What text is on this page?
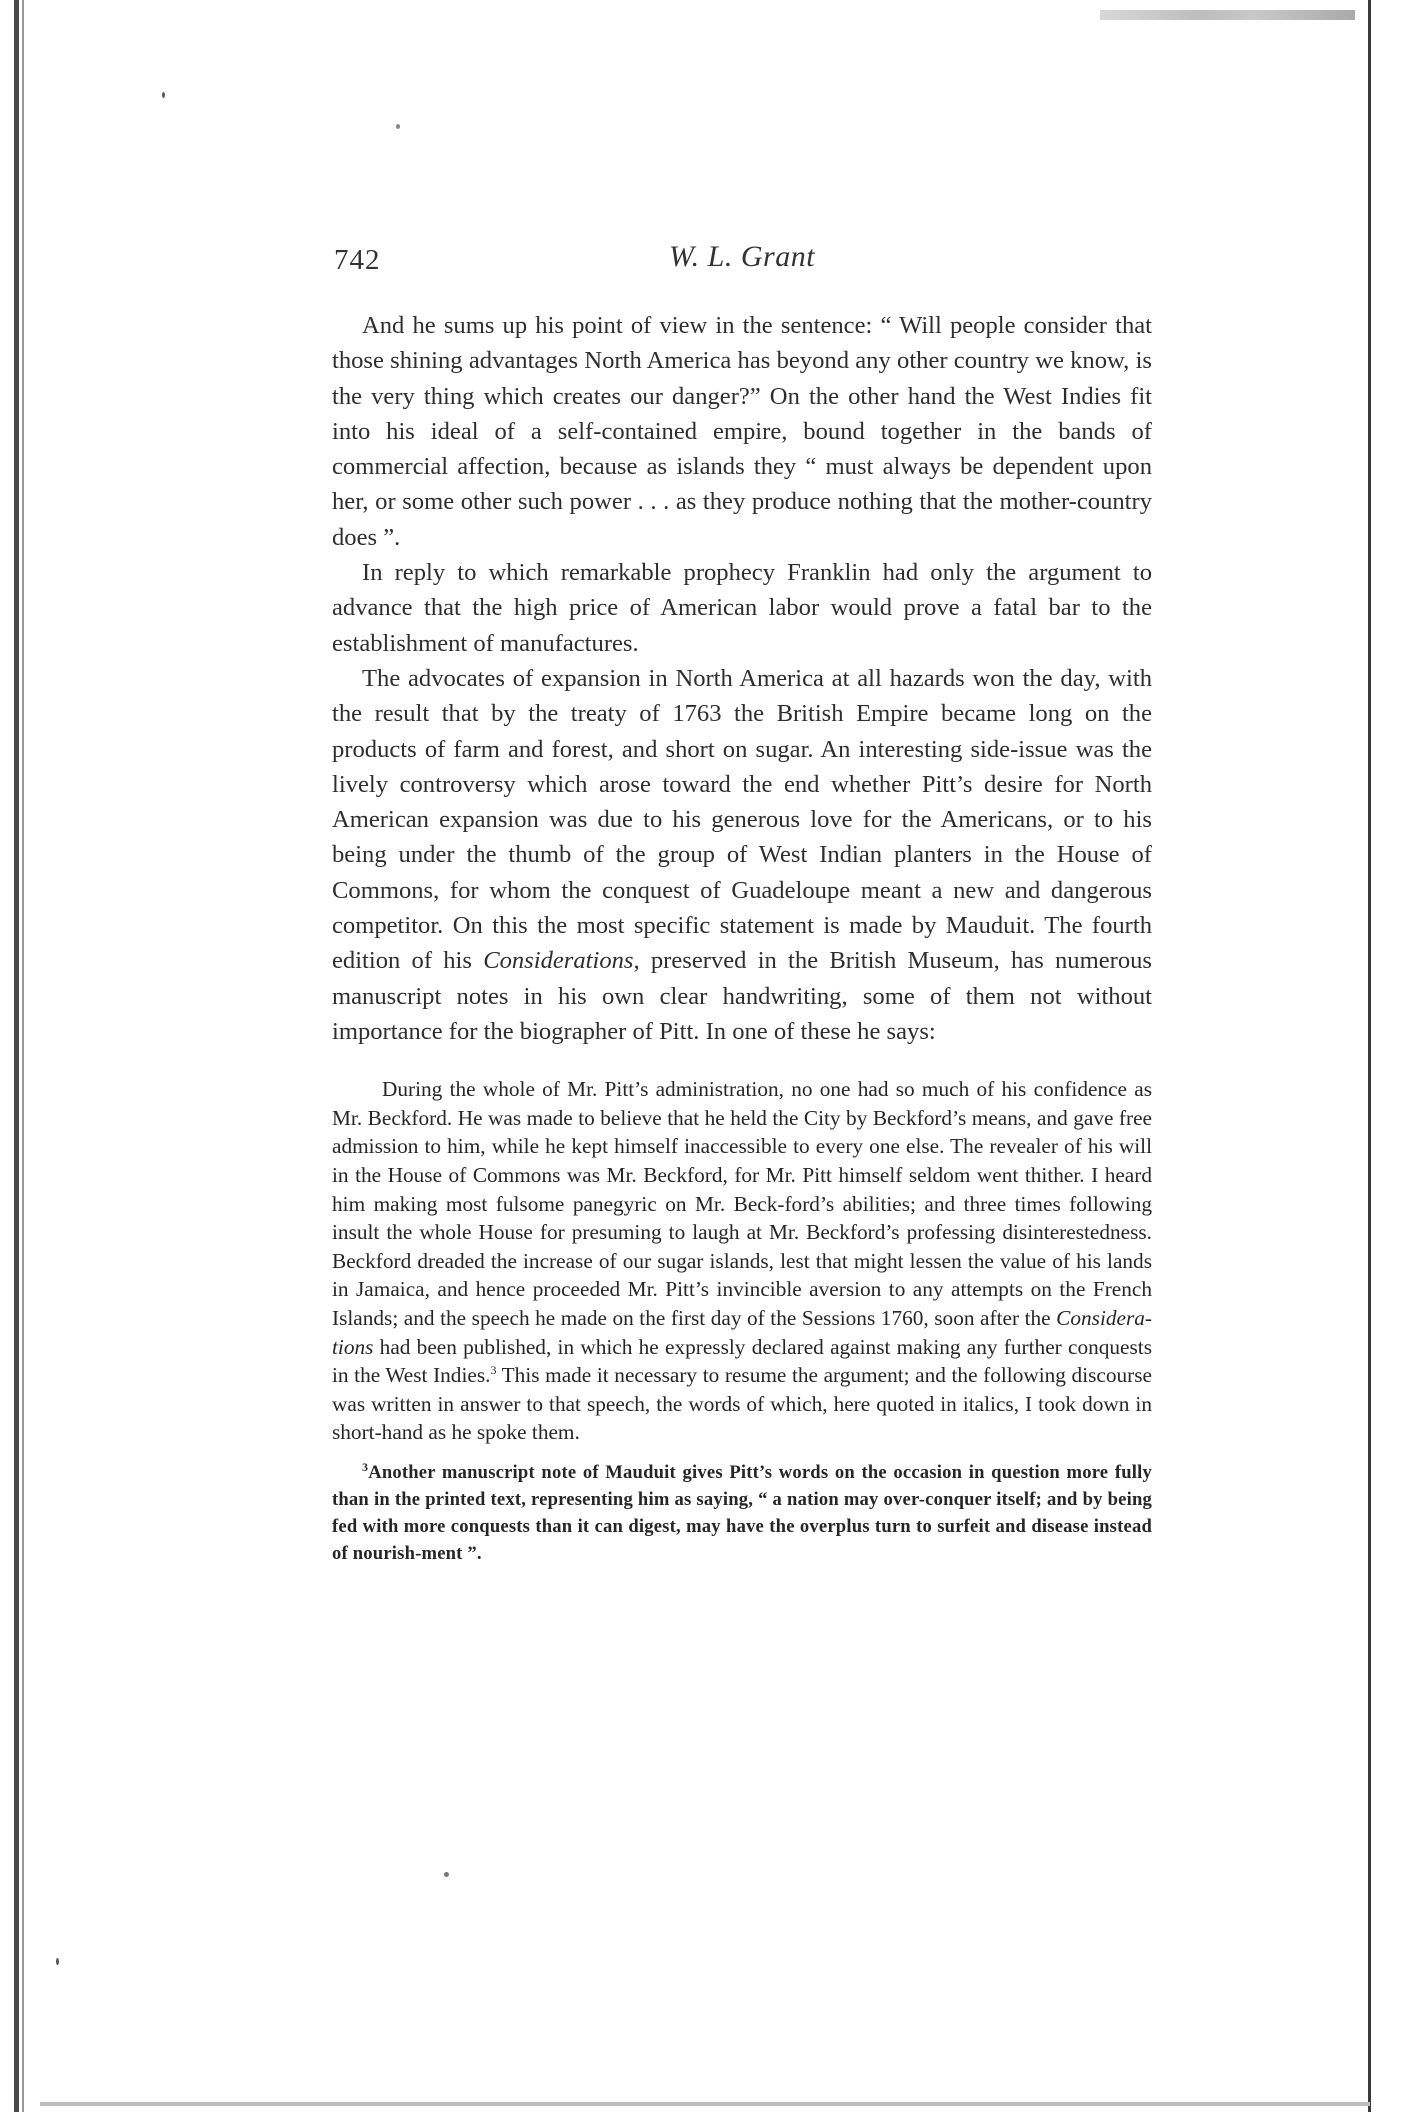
742	W. L. Grant

And he sums up his point of view in the sentence: “ Will people consider that those shining advantages North America has beyond any other country we know, is the very thing which creates our danger?” On the other hand the West Indies fit into his ideal of a self-contained empire, bound together in the bands of commercial affection, because as islands they “ must always be dependent upon her, or some other such power . . . as they produce nothing that the mother-country does ”.

In reply to which remarkable prophecy Franklin had only the argument to advance that the high price of American labor would prove a fatal bar to the establishment of manufactures.

The advocates of expansion in North America at all hazards won the day, with the result that by the treaty of 1763 the British Empire became long on the products of farm and forest, and short on sugar. An interesting side-issue was the lively controversy which arose toward the end whether Pitt’s desire for North American expansion was due to his generous love for the Americans, or to his being under the thumb of the group of West Indian planters in the House of Commons, for whom the conquest of Guadeloupe meant a new and dangerous competitor. On this the most specific statement is made by Mauduit. The fourth edition of his Considerations, preserved in the British Museum, has numerous manuscript notes in his own clear handwriting, some of them not without importance for the biographer of Pitt. In one of these he says:

During the whole of Mr. Pitt’s administration, no one had so much of his confidence as Mr. Beckford. He was made to believe that he held the City by Beckford’s means, and gave free admission to him, while he kept himself inaccessible to every one else. The revealer of his will in the House of Commons was Mr. Beckford, for Mr. Pitt himself seldom went thither. I heard him making most fulsome panegyric on Mr. Beck-ford’s abilities; and three times following insult the whole House for presuming to laugh at Mr. Beckford’s professing disinterestedness. Beckford dreaded the increase of our sugar islands, lest that might lessen the value of his lands in Jamaica, and hence proceeded Mr. Pitt’s invincible aversion to any attempts on the French Islands; and the speech he made on the first day of the Sessions 1760, soon after the Considera-tions had been published, in which he expressly declared against making any further conquests in the West Indies.$^3$ This made it necessary to resume the argument; and the following discourse was written in answer to that speech, the words of which, here quoted in italics, I took down in short-hand as he spoke them.

$^3$Another manuscript note of Mauduit gives Pitt’s words on the occasion in question more fully than in the printed text, representing him as saying, “ a nation may over-conquer itself; and by being fed with more conquests than it can digest, may have the overplus turn to surfeit and disease instead of nourish-ment ”.
